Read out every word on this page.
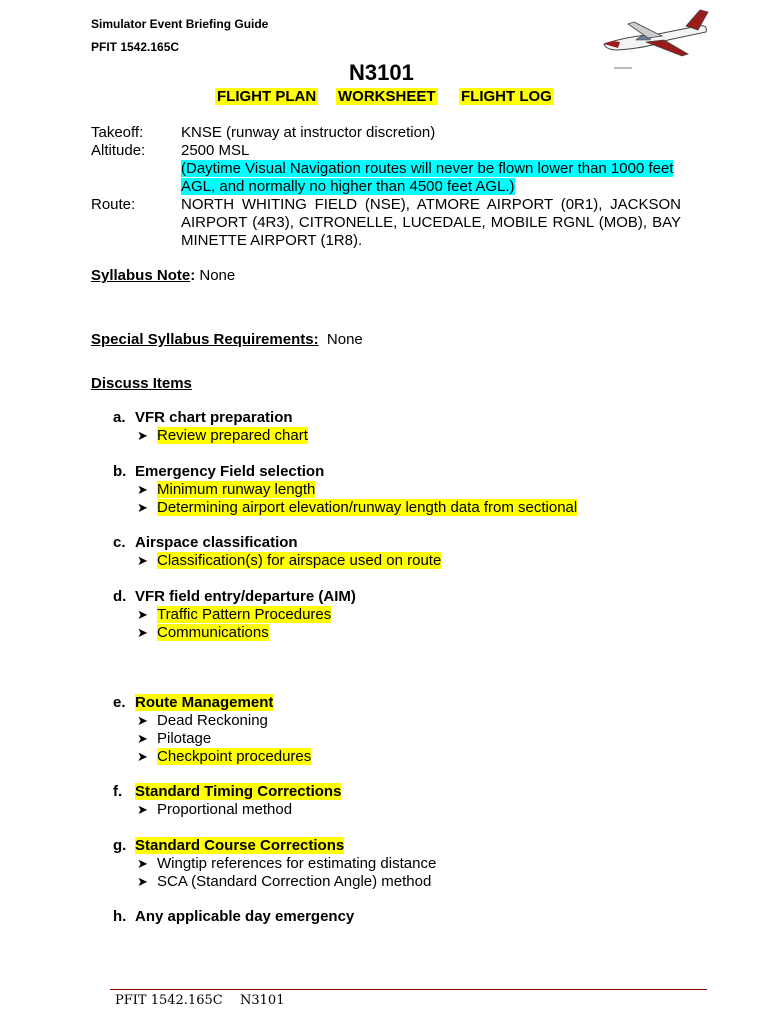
Simulator Event Briefing Guide
PFIT 1542.165C
N3101
FLIGHT PLAN WORKSHEET FLIGHT LOG
Takeoff:	KNSE (runway at instructor discretion)
Altitude: 2500 MSL
(Daytime Visual Navigation routes will never be flown lower than 1000 feet
AGL, and normally no higher than 4500 feet AGL.)
Route:	NORTH WHITING FIELD (NSE), ATMORE AIRPORT (0R1), JACKSON AIRPORT (4R3), CITRONELLE, LUCEDALE, MOBILE RGNL (MOB), BAY MINETTE AIRPORT (1R8).
Syllabus Note: None
Special Syllabus Requirements:  None
Discuss Items
a. VFR chart preparation
➤ Review prepared chart
b. Emergency Field selection
➤ Minimum runway length
➤ Determining airport elevation/runway length data from sectional
c. Airspace classification
➤ Classification(s) for airspace used on route
d. VFR field entry/departure (AIM)
➤ Traffic Pattern Procedures
➤ Communications
e. Route Management
➤ Dead Reckoning
➤ Pilotage
➤ Checkpoint procedures
f. Standard Timing Corrections
➤ Proportional method
g. Standard Course Corrections
➤ Wingtip references for estimating distance
➤ SCA (Standard Correction Angle) method
h. Any applicable day emergency
PFIT 1542.165C N3101
